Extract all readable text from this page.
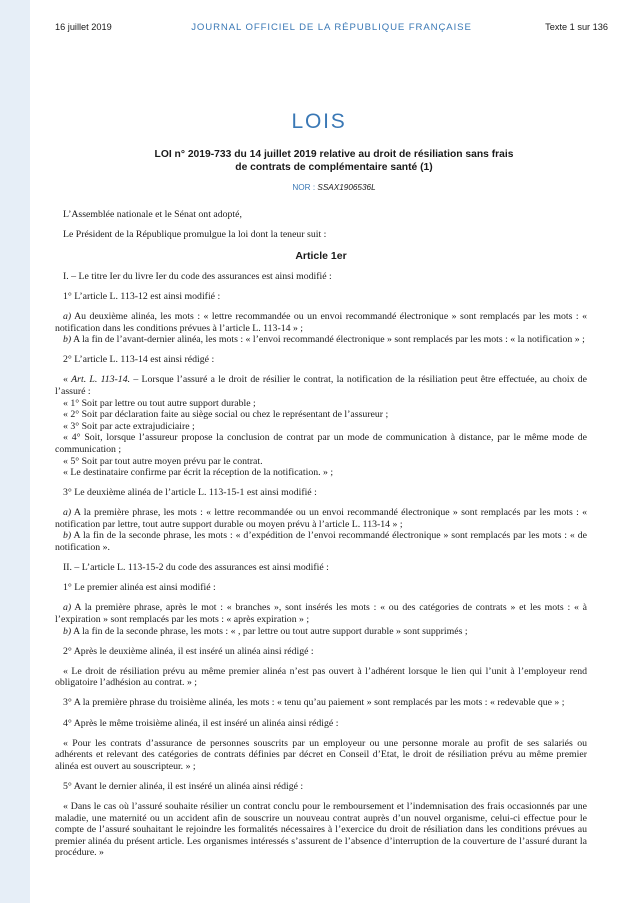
16 juillet 2019	JOURNAL OFFICIEL DE LA RÉPUBLIQUE FRANÇAISE	Texte 1 sur 136
LOIS
LOI n° 2019-733 du 14 juillet 2019 relative au droit de résiliation sans frais
de contrats de complémentaire santé (1)
NOR : SSAX1906536L

L’Assemblée nationale et le Sénat ont adopté,

Le Président de la République promulgue la loi dont la teneur suit :

Article 1er

I. – Le titre Ier du livre Ier du code des assurances est ainsi modifié :

1° L’article L. 113-12 est ainsi modifié :

a) Au deuxième alinéa, les mots : « lettre recommandée ou un envoi recommandé électronique » sont remplacés par les mots : « notification dans les conditions prévues à l’article L. 113-14 » ;

b) A la fin de l’avant-dernier alinéa, les mots : « l’envoi recommandé électronique » sont remplacés par les mots : « la notification » ;

2° L’article L. 113-14 est ainsi rédigé :

« Art. L. 113-14. – Lorsque l’assuré a le droit de résilier le contrat, la notification de la résiliation peut être effectuée, au choix de l’assuré :

« 1° Soit par lettre ou tout autre support durable ;

« 2° Soit par déclaration faite au siège social ou chez le représentant de l’assureur ;

« 3° Soit par acte extrajudiciaire ;

« 4° Soit, lorsque l’assureur propose la conclusion de contrat par un mode de communication à distance, par le même mode de communication ;

« 5° Soit par tout autre moyen prévu par le contrat.

« Le destinataire confirme par écrit la réception de la notification. » ;

3° Le deuxième alinéa de l’article L. 113-15-1 est ainsi modifié :

a) A la première phrase, les mots : « lettre recommandée ou un envoi recommandé électronique » sont remplacés par les mots : « notification par lettre, tout autre support durable ou moyen prévu à l’article L. 113-14 » ;

b) A la fin de la seconde phrase, les mots : « d’expédition de l’envoi recommandé électronique » sont remplacés par les mots : « de notification ».

II. – L’article L. 113-15-2 du code des assurances est ainsi modifié :

1° Le premier alinéa est ainsi modifié :

a) A la première phrase, après le mot : « branches », sont insérés les mots : « ou des catégories de contrats » et les mots : « à l’expiration » sont remplacés par les mots : « après expiration » ;

b) A la fin de la seconde phrase, les mots : « , par lettre ou tout autre support durable » sont supprimés ;

2° Après le deuxième alinéa, il est inséré un alinéa ainsi rédigé :

« Le droit de résiliation prévu au même premier alinéa n’est pas ouvert à l’adhérent lorsque le lien qui l’unit à l’employeur rend obligatoire l’adhésion au contrat. » ;

3° A la première phrase du troisième alinéa, les mots : « tenu qu’au paiement » sont remplacés par les mots : « redevable que » ;

4° Après le même troisième alinéa, il est inséré un alinéa ainsi rédigé :

« Pour les contrats d’assurance de personnes souscrits par un employeur ou une personne morale au profit de ses salariés ou adhérents et relevant des catégories de contrats définies par décret en Conseil d’Etat, le droit de résiliation prévu au même premier alinéa est ouvert au souscripteur. » ;

5° Avant le dernier alinéa, il est inséré un alinéa ainsi rédigé :

« Dans le cas où l’assuré souhaite résilier un contrat conclu pour le remboursement et l’indemnisation des frais occasionnés par une maladie, une maternité ou un accident afin de souscrire un nouveau contrat auprès d’un nouvel organisme, celui-ci effectue pour le compte de l’assuré souhaitant le rejoindre les formalités nécessaires à l’exercice du droit de résiliation dans les conditions prévues au premier alinéa du présent article. Les organismes intéressés s’assurent de l’absence d’interruption de la couverture de l’assuré durant la procédure. »
